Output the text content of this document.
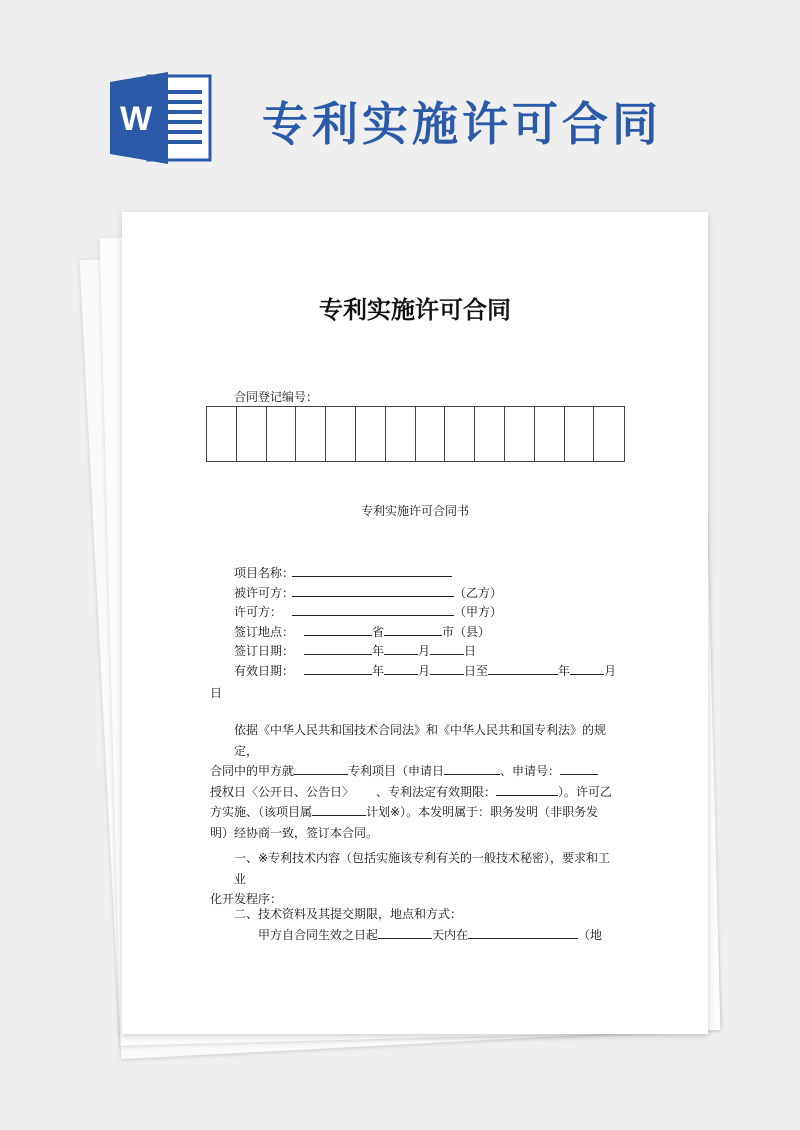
W 专利实施许可合同
专利实施许可合同
合同登记编号：
专利实施许可合同书
项目名称：
被许可方：	（乙方）
许可方：	（甲方）
签订地点：	省	市（县）
签订日期：	年	月	日
有效日期：	年	月	日至	年	月
日
依据《中华人民共和国技术合同法》和《中华人民共和国专利法》的规定，
合同中的甲方就	专利项目（申请日	、申请号：
授权日〈公开日、公告日〉 、专利法定有效期限：	）。许可乙
方实施、（该项目属	计划※）。本发明属于：职务发明（非职务发
明）经协商一致，签订本合同。
一、※专利技术内容（包括实施该专利有关的一般技术秘密），要求和工业
化开发程序：
二、技术资料及其提交期限，地点和方式：
甲方自合同生效之日起	天内在	（地
